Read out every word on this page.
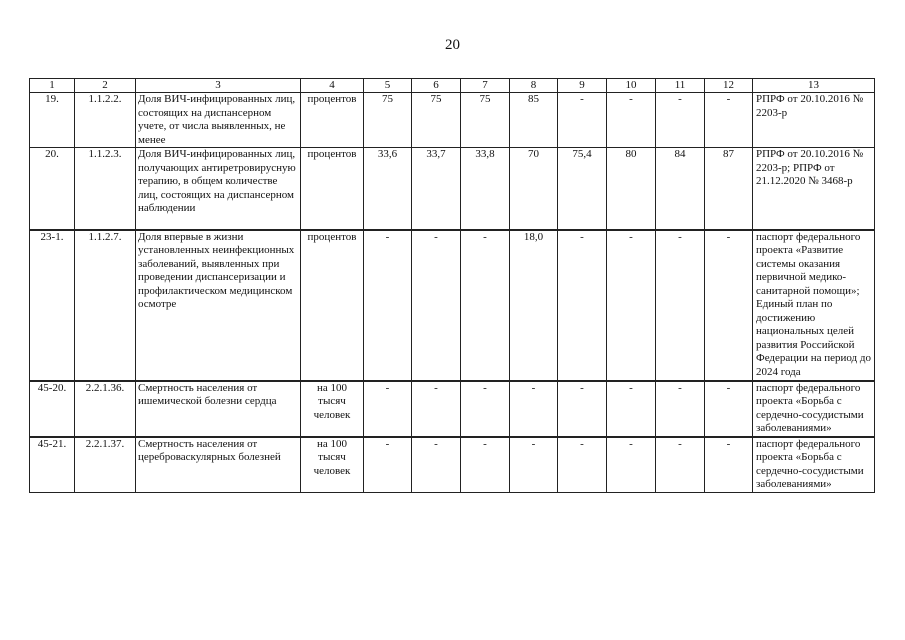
20
1	2	3	4	5	6	7	8	9	10	11	12	13
19.	1.1.2.2.	Доля ВИЧ-инфицированных лиц, состоящих на диспансерном учете, от числа выявленных, не менее	процентов	75	75	75	85	-	-	-	-	РПРФ от 20.10.2016 № 2203-р
20.	1.1.2.3.	Доля ВИЧ-инфицированных лиц, получающих антиретровирусную терапию, в общем количестве лиц, состоящих на диспансерном наблюдении	процентов	33,6	33,7	33,8	70	75,4	80	84	87	РПРФ от 20.10.2016 № 2203-р; РПРФ от 21.12.2020 № 3468-р
23-1.	1.1.2.7.	Доля впервые в жизни установленных неинфекционных заболеваний, выявленных при проведении диспансеризации и профилактическом медицинском осмотре	процентов	-	-	-	18,0	-	-	-	-	паспорт федерального проекта «Развитие системы оказания первичной медико-санитарной помощи»; Единый план по достижению национальных целей развития Российской Федерации на период до 2024 года
45-20.	2.2.1.36.	Смертность населения от ишемической болезни сердца	на 100 тысяч человек	-	-	-	-	-	-	-	-	паспорт федерального проекта «Борьба с сердечно-сосудистыми заболеваниями»
45-21.	2.2.1.37.	Смертность населения от цереброваскулярных болезней	на 100 тысяч человек	-	-	-	-	-	-	-	-	паспорт федерального проекта «Борьба с сердечно-сосудистыми заболеваниями»
